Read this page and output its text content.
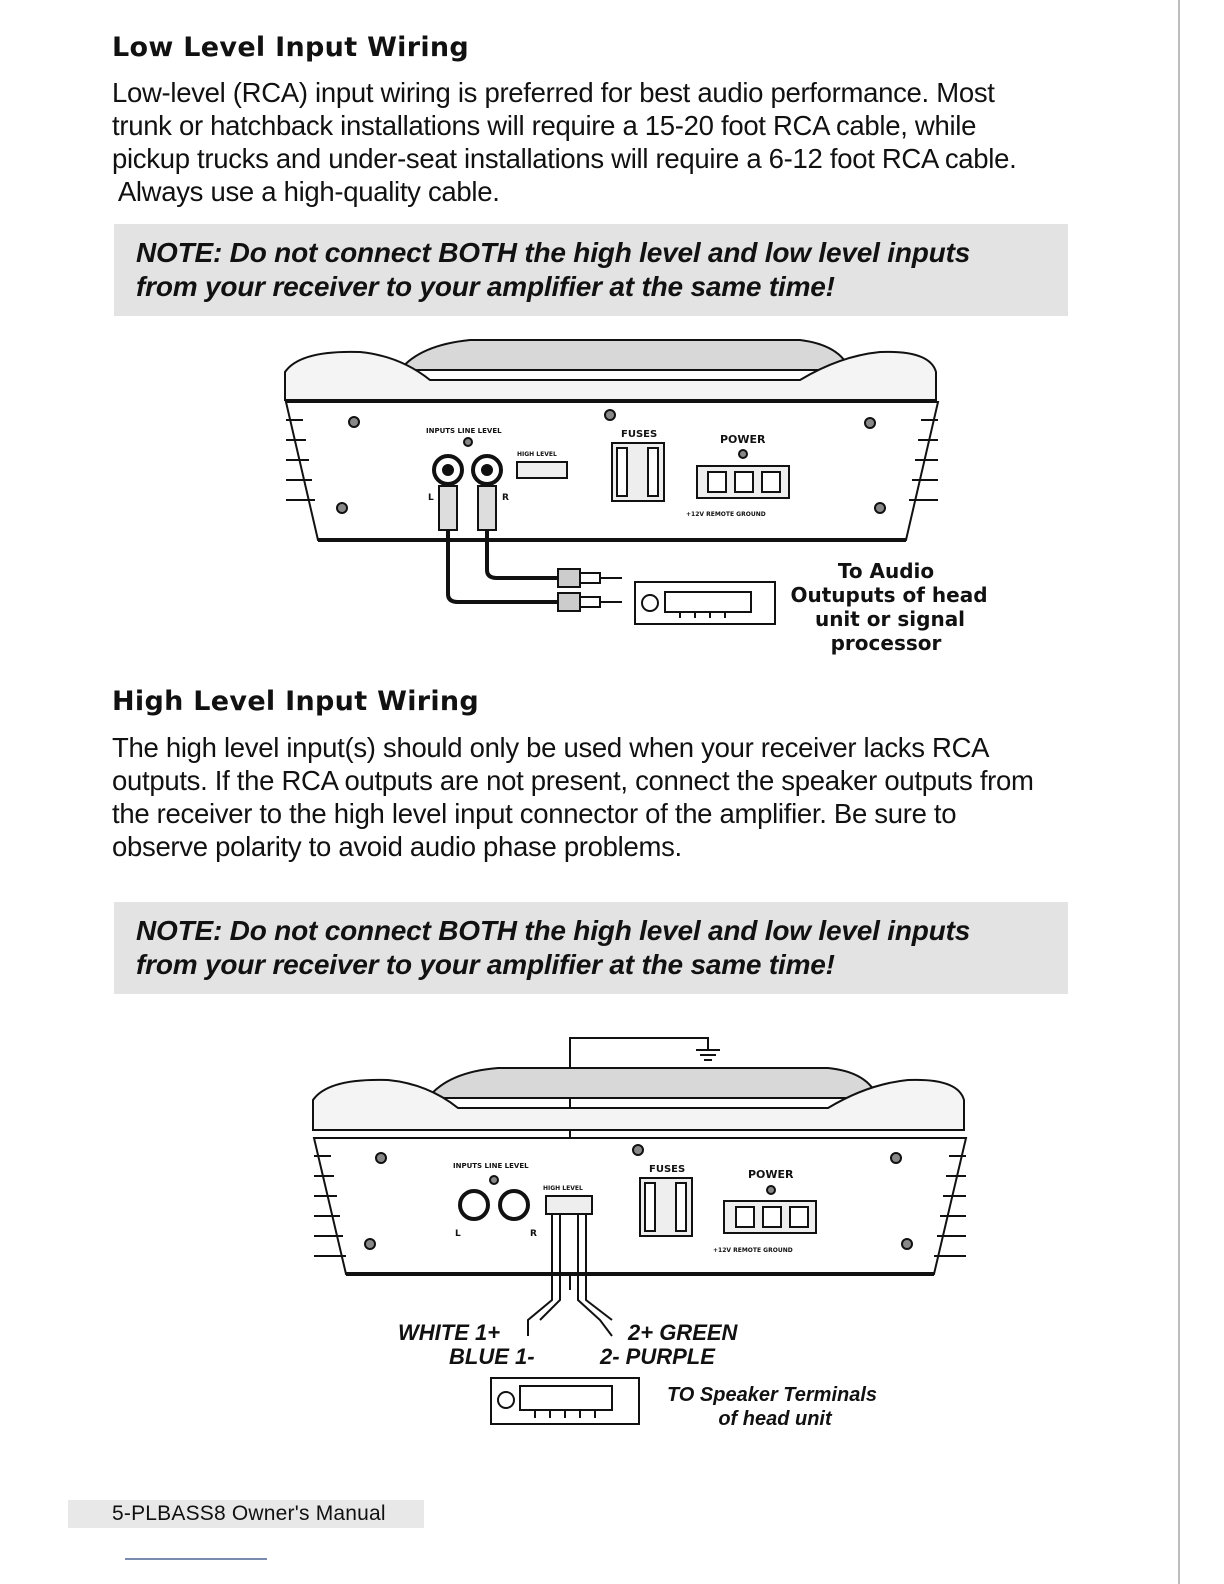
Low Level Input Wiring
Low-level (RCA) input wiring is preferred for best audio performance. Most
trunk or hatchback installations will require a 15-20 foot RCA cable, while
pickup trucks and under-seat installations will require a 6-12 foot RCA cable.
Always use a high-quality cable.
NOTE: Do not connect BOTH the high level and low level inputs
from your receiver to your amplifier at the same time!
INPUTS LINE LEVEL
HIGH LEVEL
FUSES	POWER
+12V REMOTE GROUND
L	R
To Audio
Outuputs of head
unit or signal
processor
High Level Input Wiring
The high level input(s) should only be used when your receiver lacks RCA
outputs. If the RCA outputs are not present, connect the speaker outputs from
the receiver to the high level input connector of the amplifier. Be sure to
observe polarity to avoid audio phase problems.
NOTE: Do not connect BOTH the high level and low level inputs
from your receiver to your amplifier at the same time!
INPUTS LINE LEVEL
HIGH LEVEL
FUSES	POWER
+12V REMOTE GROUND
L	R
WHITE 1+
BLUE 1-
2+ GREEN
2- PURPLE
TO Speaker Terminals
of head unit
5-PLBASS8 Owner's Manual
